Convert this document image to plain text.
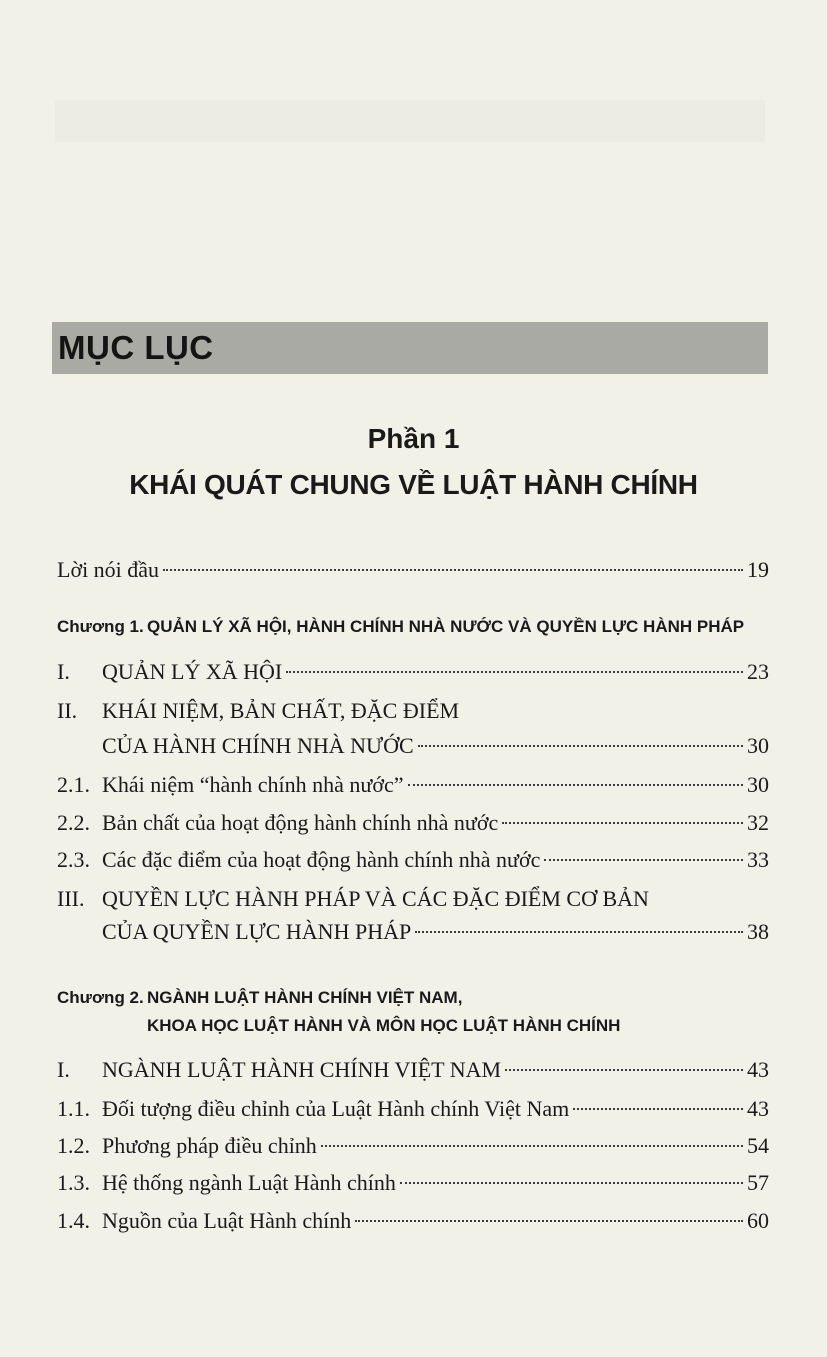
MỤC LỤC
Phần 1
KHÁI QUÁT CHUNG VỀ LUẬT HÀNH CHÍNH
Lời nói đầu	19
Chương 1. QUẢN LÝ XÃ HỘI, HÀNH CHÍNH NHÀ NƯỚC VÀ QUYỀN LỰC HÀNH PHÁP
I.	QUẢN LÝ XÃ HỘI	23
II. KHÁI NIỆM, BẢN CHẤT, ĐẶC ĐIỂM
CỦA HÀNH CHÍNH NHÀ NƯỚC	30
2.1. Khái niệm “hành chính nhà nước”	30
2.2. Bản chất của hoạt động hành chính nhà nước	32
2.3. Các đặc điểm của hoạt động hành chính nhà nước	33
III. QUYỀN LỰC HÀNH PHÁP VÀ CÁC ĐẶC ĐIỂM CƠ BẢN
CỦA QUYỀN LỰC HÀNH PHÁP	38
Chương 2. NGÀNH LUẬT HÀNH CHÍNH VIỆT NAM,
KHOA HỌC LUẬT HÀNH VÀ MÔN HỌC LUẬT HÀNH CHÍNH
I.	NGÀNH LUẬT HÀNH CHÍNH VIỆT NAM	43
1.1. Đối tượng điều chỉnh của Luật Hành chính Việt Nam	43
1.2. Phương pháp điều chỉnh	54
1.3. Hệ thống ngành Luật Hành chính	57
1.4. Nguồn của Luật Hành chính	60
